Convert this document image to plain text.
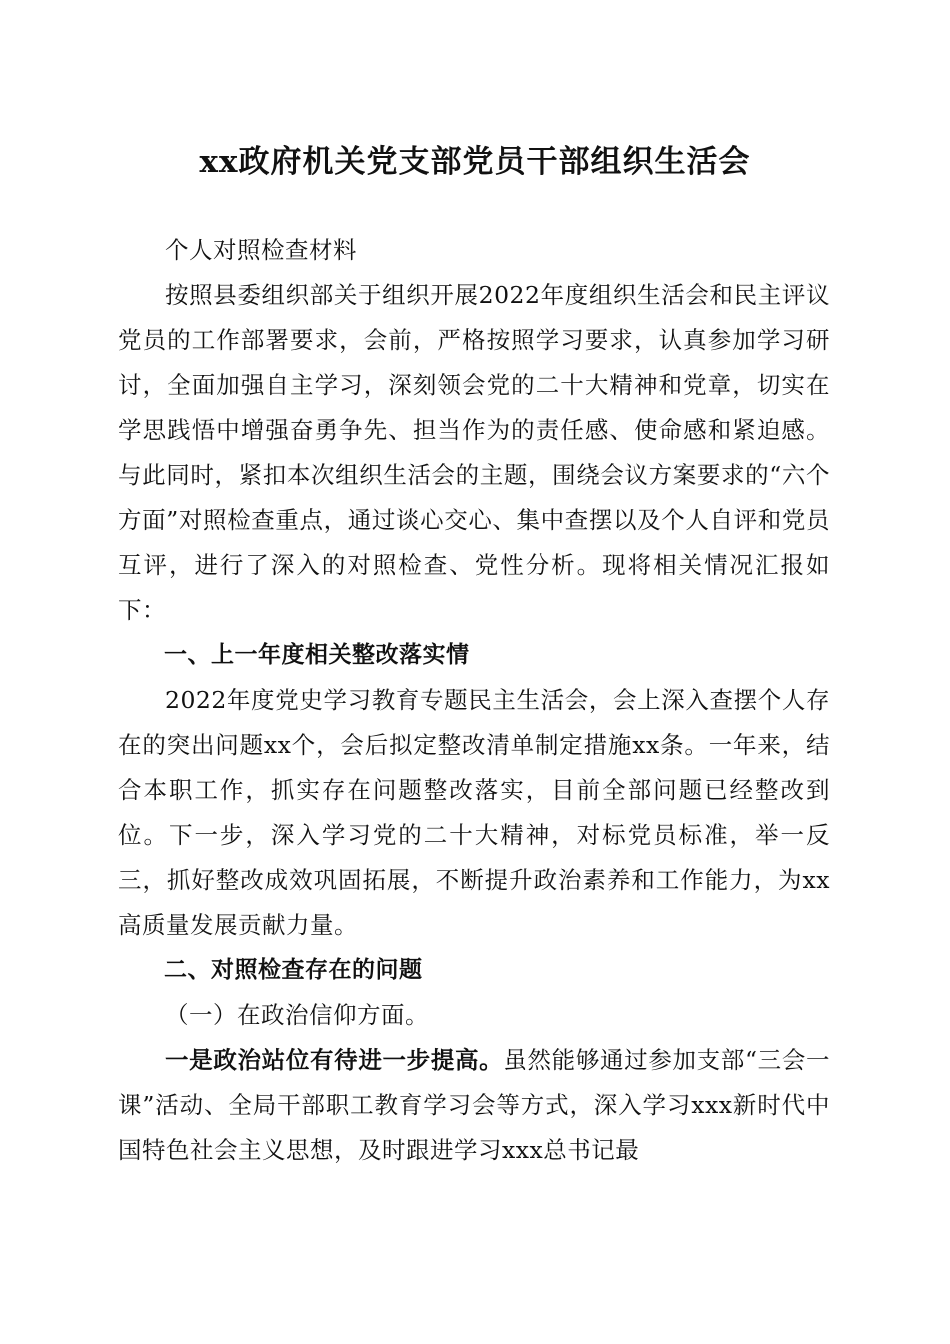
xx政府机关党支部党员干部组织生活会

个人对照检查材料

按照县委组织部关于组织开展2022年度组织生活会和民主评议党员的工作部署要求，会前，严格按照学习要求，认真参加学习研讨，全面加强自主学习，深刻领会党的二十大精神和党章，切实在学思践悟中增强奋勇争先、担当作为的责任感、使命感和紧迫感。与此同时，紧扣本次组织生活会的主题，围绕会议方案要求的“六个方面”对照检查重点，通过谈心交心、集中查摆以及个人自评和党员互评，进行了深入的对照检查、党性分析。现将相关情况汇报如下：

一、上一年度相关整改落实情

2022年度党史学习教育专题民主生活会，会上深入查摆个人存在的突出问题xx个，会后拟定整改清单制定措施xx条。一年来，结合本职工作，抓实存在问题整改落实，目前全部问题已经整改到位。下一步，深入学习党的二十大精神，对标党员标准，举一反三，抓好整改成效巩固拓展，不断提升政治素养和工作能力，为xx高质量发展贡献力量。

二、对照检查存在的问题

（一）在政治信仰方面。

一是政治站位有待进一步提高。虽然能够通过参加支部“三会一课”活动、全局干部职工教育学习会等方式，深入学习xxx新时代中国特色社会主义思想，及时跟进学习xxx总书记最
